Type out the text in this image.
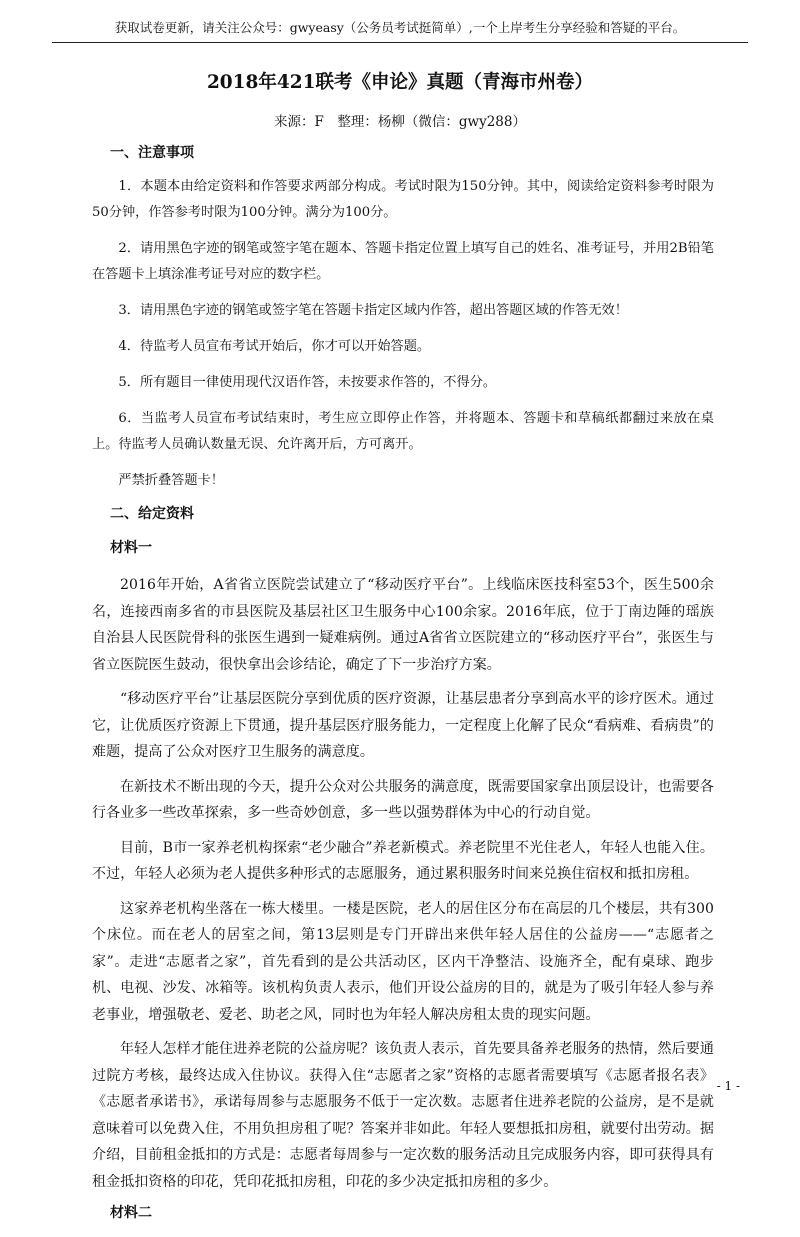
获取试卷更新，请关注公众号：gwyeasy（公务员考试挺简单）,一个上岸考生分享经验和答疑的平台。
2018年421联考《申论》真题（青海市州卷）
来源：F　整理：杨柳（微信：gwy288）
一、注意事项

1．本题本由给定资料和作答要求两部分构成。考试时限为150分钟。其中，阅读给定资料参考时限为50分钟，作答参考时限为100分钟。满分为100分。

2．请用黑色字迹的钢笔或签字笔在题本、答题卡指定位置上填写自己的姓名、准考证号，并用2B铅笔在答题卡上填涂准考证号对应的数字栏。

3．请用黑色字迹的钢笔或签字笔在答题卡指定区域内作答，超出答题区域的作答无效！

4．待监考人员宣布考试开始后，你才可以开始答题。

5．所有题目一律使用现代汉语作答，未按要求作答的，不得分。

6．当监考人员宣布考试结束时，考生应立即停止作答，并将题本、答题卡和草稿纸都翻过来放在桌上。待监考人员确认数量无误、允许离开后，方可离开。

严禁折叠答题卡！

二、给定资料
材料一

2016年开始，A省省立医院尝试建立了“移动医疗平台”。上线临床医技科室53个，医生500余名，连接西南多省的市县医院及基层社区卫生服务中心100余家。2016年底，位于丁南边陲的瑶族自治县人民医院骨科的张医生遇到一疑难病例。通过A省省立医院建立的“移动医疗平台”，张医生与省立医院医生鼓动，很快拿出会诊结论，确定了下一步治疗方案。

“移动医疗平台”让基层医院分享到优质的医疗资源，让基层患者分享到高水平的诊疗医术。通过它，让优质医疗资源上下贯通，提升基层医疗服务能力，一定程度上化解了民众“看病难、看病贵”的难题，提高了公众对医疗卫生服务的满意度。

在新技术不断出现的今天，提升公众对公共服务的满意度，既需要国家拿出顶层设计，也需要各行各业多一些改革探索，多一些奇妙创意，多一些以强势群体为中心的行动自觉。

目前，B市一家养老机构探索“老少融合”养老新模式。养老院里不光住老人，年轻人也能入住。不过，年轻人必须为老人提供多种形式的志愿服务，通过累积服务时间来兑换住宿权和抵扣房租。

这家养老机构坐落在一栋大楼里。一楼是医院，老人的居住区分布在高层的几个楼层，共有300个床位。而在老人的居室之间，第13层则是专门开辟出来供年轻人居住的公益房——“志愿者之家”。走进“志愿者之家”，首先看到的是公共活动区，区内干净整洁、设施齐全，配有桌球、跑步机、电视、沙发、冰箱等。该机构负责人表示，他们开设公益房的目的，就是为了吸引年轻人参与养老事业，增强敬老、爱老、助老之风，同时也为年轻人解决房租太贵的现实问题。

年轻人怎样才能住进养老院的公益房呢？该负责人表示，首先要具备养老服务的热情，然后要通过院方考核，最终达成入住协议。获得入住“志愿者之家”资格的志愿者需要填写《志愿者报名表》《志愿者承诺书》，承诺每周参与志愿服务不低于一定次数。志愿者住进养老院的公益房，是不是就意味着可以免费入住，不用负担房租了呢？答案并非如此。年轻人要想抵扣房租，就要付出劳动。据介绍，目前租金抵扣的方式是：志愿者每周参与一定次数的服务活动且完成服务内容，即可获得具有租金抵扣资格的印花，凭印花抵扣房租，印花的多少决定抵扣房租的多少。

材料二
- 1 -
